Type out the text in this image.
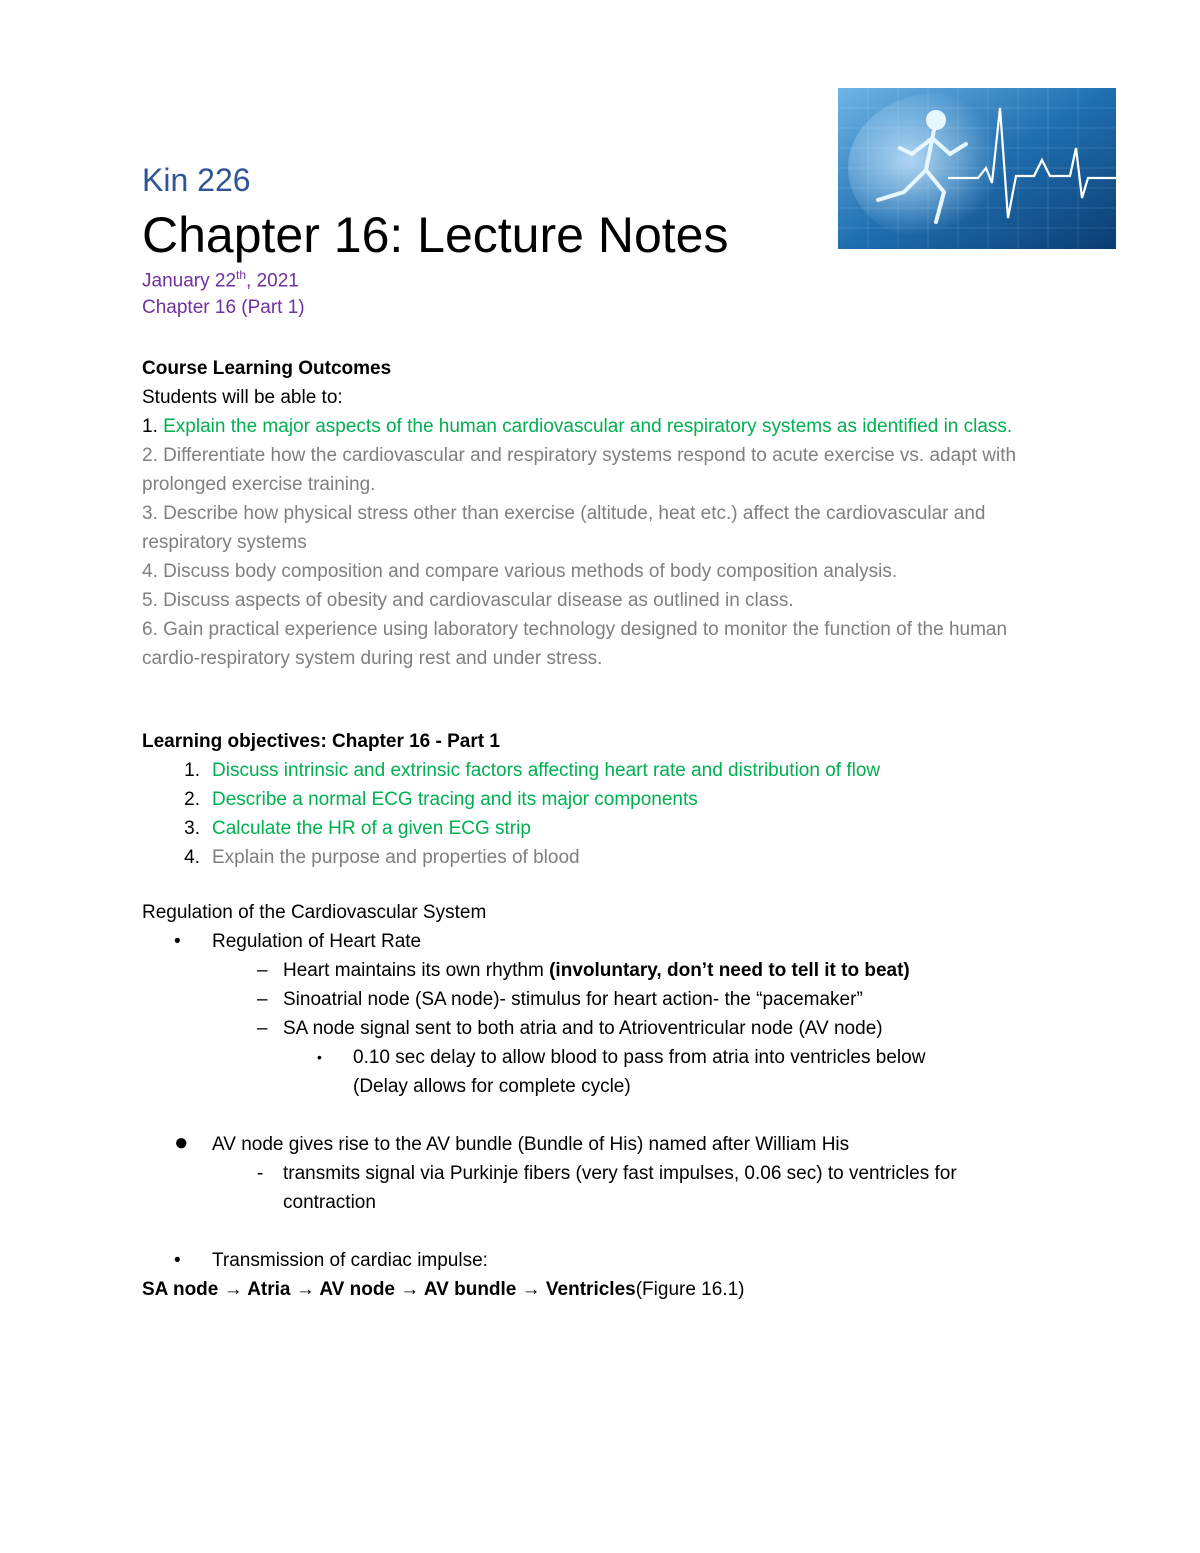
Kin 226
Chapter 16: Lecture Notes
January 22th, 2021
Chapter 16 (Part 1)

Course Learning Outcomes

Students will be able to:

1. Explain the major aspects of the human cardiovascular and respiratory systems as identified in class.

2. Differentiate how the cardiovascular and respiratory systems respond to acute exercise vs. adapt with prolonged exercise training.

3. Describe how physical stress other than exercise (altitude, heat etc.) affect the cardiovascular and respiratory systems

4. Discuss body composition and compare various methods of body composition analysis.

5. Discuss aspects of obesity and cardiovascular disease as outlined in class.

6. Gain practical experience using laboratory technology designed to monitor the function of the human cardio-respiratory system during rest and under stress.

Learning objectives: Chapter 16 - Part 1
1. Discuss intrinsic and extrinsic factors affecting heart rate and distribution of flow
2. Describe a normal ECG tracing and its major components
3. Calculate the HR of a given ECG strip
4. Explain the purpose and properties of blood
Regulation of the Cardiovascular System
•	Regulation of Heart Rate
– Heart maintains its own rhythm
(involuntary, don’t need to tell it to beat)
– Sinoatrial node (SA node)- stimulus for heart action- the “pacemaker”
– SA node signal sent to both atria and to Atrioventricular node (AV node)
•	0.10 sec delay to allow blood to pass from atria into ventricles below
(Delay allows for complete cycle)
●	AV node gives rise to the AV bundle (Bundle of His) named after William His
-	transmits signal via Purkinje fibers (very fast impulses, 0.06 sec) to ventricles for
contraction
•	Transmission of cardiac impulse:
SA node → Atria → AV node → AV bundle → Ventricles (Figure 16.1)
